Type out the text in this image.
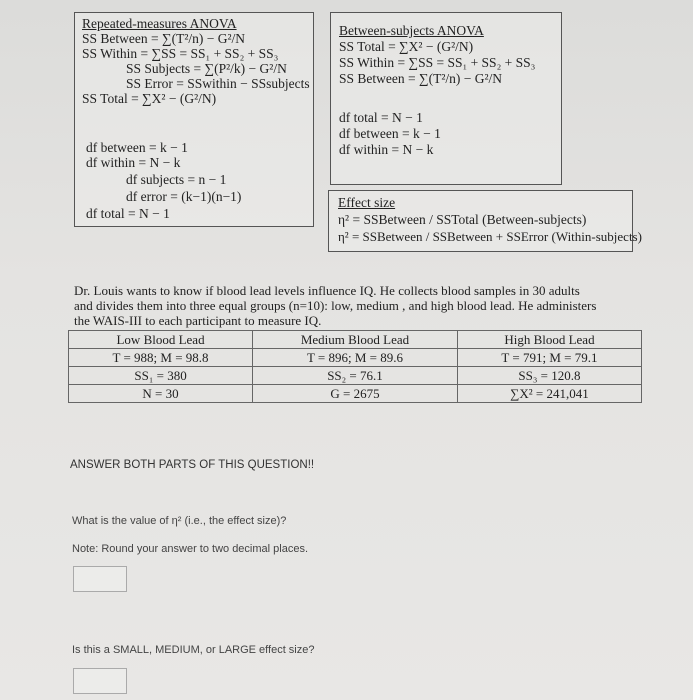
Repeated-measures ANOVA
SS Between = ∑(T²/n) − G²/N
SS Within = ∑SS = SS₁ + SS₂ + SS₃
SS Subjects = ∑(P²/k) − G²/N
SS Error = SSwithin − SSsubjects
SS Total = ∑X² − (G²/N)
df between = k − 1
df within = N − k
df subjects = n − 1
df error = (k−1)(n−1)
df total = N − 1
Between-subjects ANOVA
SS Total = ∑X² − (G²/N)
SS Within = ∑SS = SS₁ + SS₂ + SS₃
SS Between = ∑(T²/n) − G²/N
df total = N − 1
df between = k − 1
df within = N − k
Effect size
η² = SSBetween / SSTotal (Between-subjects)
η² = SSBetween / SSBetween + SSError (Within-subjects)
Dr. Louis wants to know if blood lead levels influence IQ. He collects blood samples in 30 adults
and divides them into three equal groups (n=10): low, medium , and high blood lead. He administers
the WAIS-III to each participant to measure IQ.
Low Blood Lead	Medium Blood Lead	High Blood Lead
T = 988; M = 98.8	T = 896; M = 89.6	T = 791; M = 79.1
SS₁ = 380	SS₂ = 76.1	SS₃ = 120.8
N = 30	G = 2675	∑X² = 241,041
ANSWER BOTH PARTS OF THIS QUESTION!!
What is the value of η² (i.e., the effect size)?
Note: Round your answer to two decimal places.
Is this a SMALL, MEDIUM, or LARGE effect size?
